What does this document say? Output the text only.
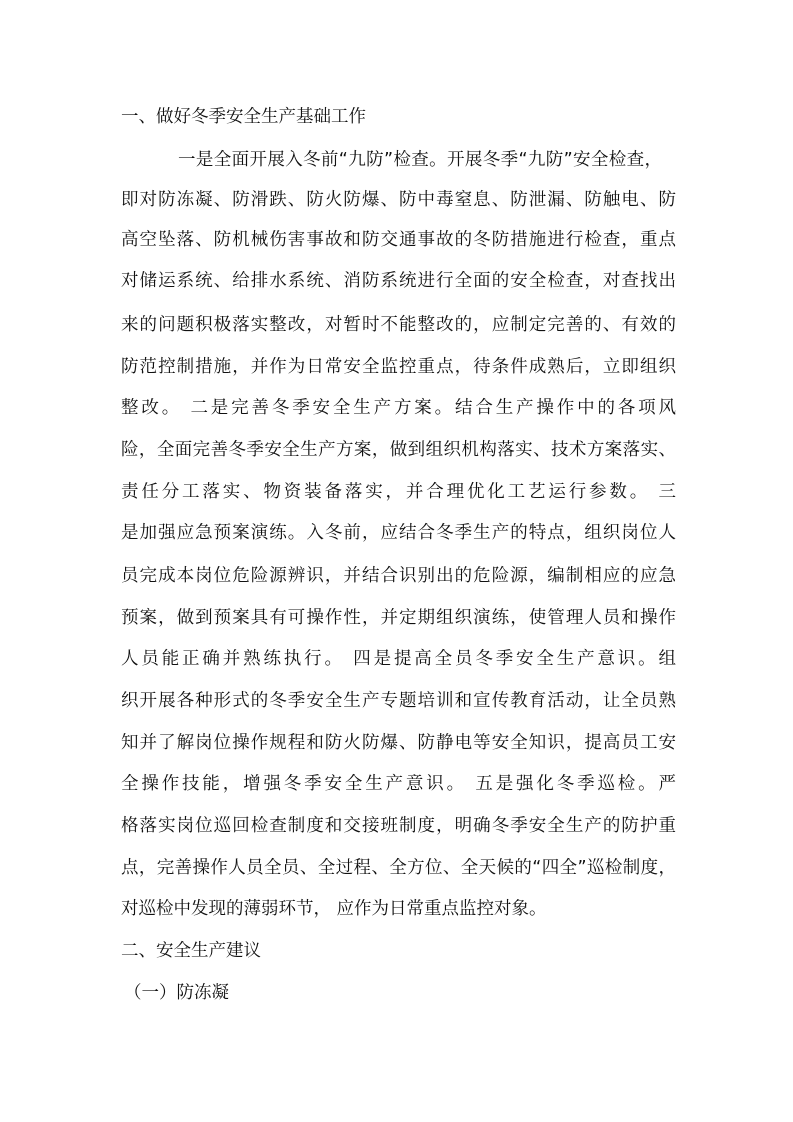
一、做好冬季安全生产基础工作
一是全面开展入冬前“九防”检查。开展冬季“九防”安全检查，
即对防冻凝、防滑跌、防火防爆、防中毒窒息、防泄漏、防触电、防
高空坠落、防机械伤害事故和防交通事故的冬防措施进行检查，重点
对储运系统、给排水系统、消防系统进行全面的安全检查，对查找出
来的问题积极落实整改，对暂时不能整改的，应制定完善的、有效的
防范控制措施，并作为日常安全监控重点，待条件成熟后，立即组织
整改。 二是完善冬季安全生产方案。结合生产操作中的各项风
险，全面完善冬季安全生产方案，做到组织机构落实、技术方案落实、
责任分工落实、物资装备落实，并合理优化工艺运行参数。 三
是加强应急预案演练。入冬前，应结合冬季生产的特点，组织岗位人
员完成本岗位危险源辨识，并结合识别出的危险源，编制相应的应急
预案，做到预案具有可操作性，并定期组织演练，使管理人员和操作
人员能正确并熟练执行。 四是提高全员冬季安全生产意识。组
织开展各种形式的冬季安全生产专题培训和宣传教育活动，让全员熟
知并了解岗位操作规程和防火防爆、防静电等安全知识，提高员工安
全操作技能，增强冬季安全生产意识。 五是强化冬季巡检。严
格落实岗位巡回检查制度和交接班制度，明确冬季安全生产的防护重
点，完善操作人员全员、全过程、全方位、全天候的“四全”巡检制度，
对巡检中发现的薄弱环节， 应作为日常重点监控对象。
二、安全生产建议
（一）防冻凝
